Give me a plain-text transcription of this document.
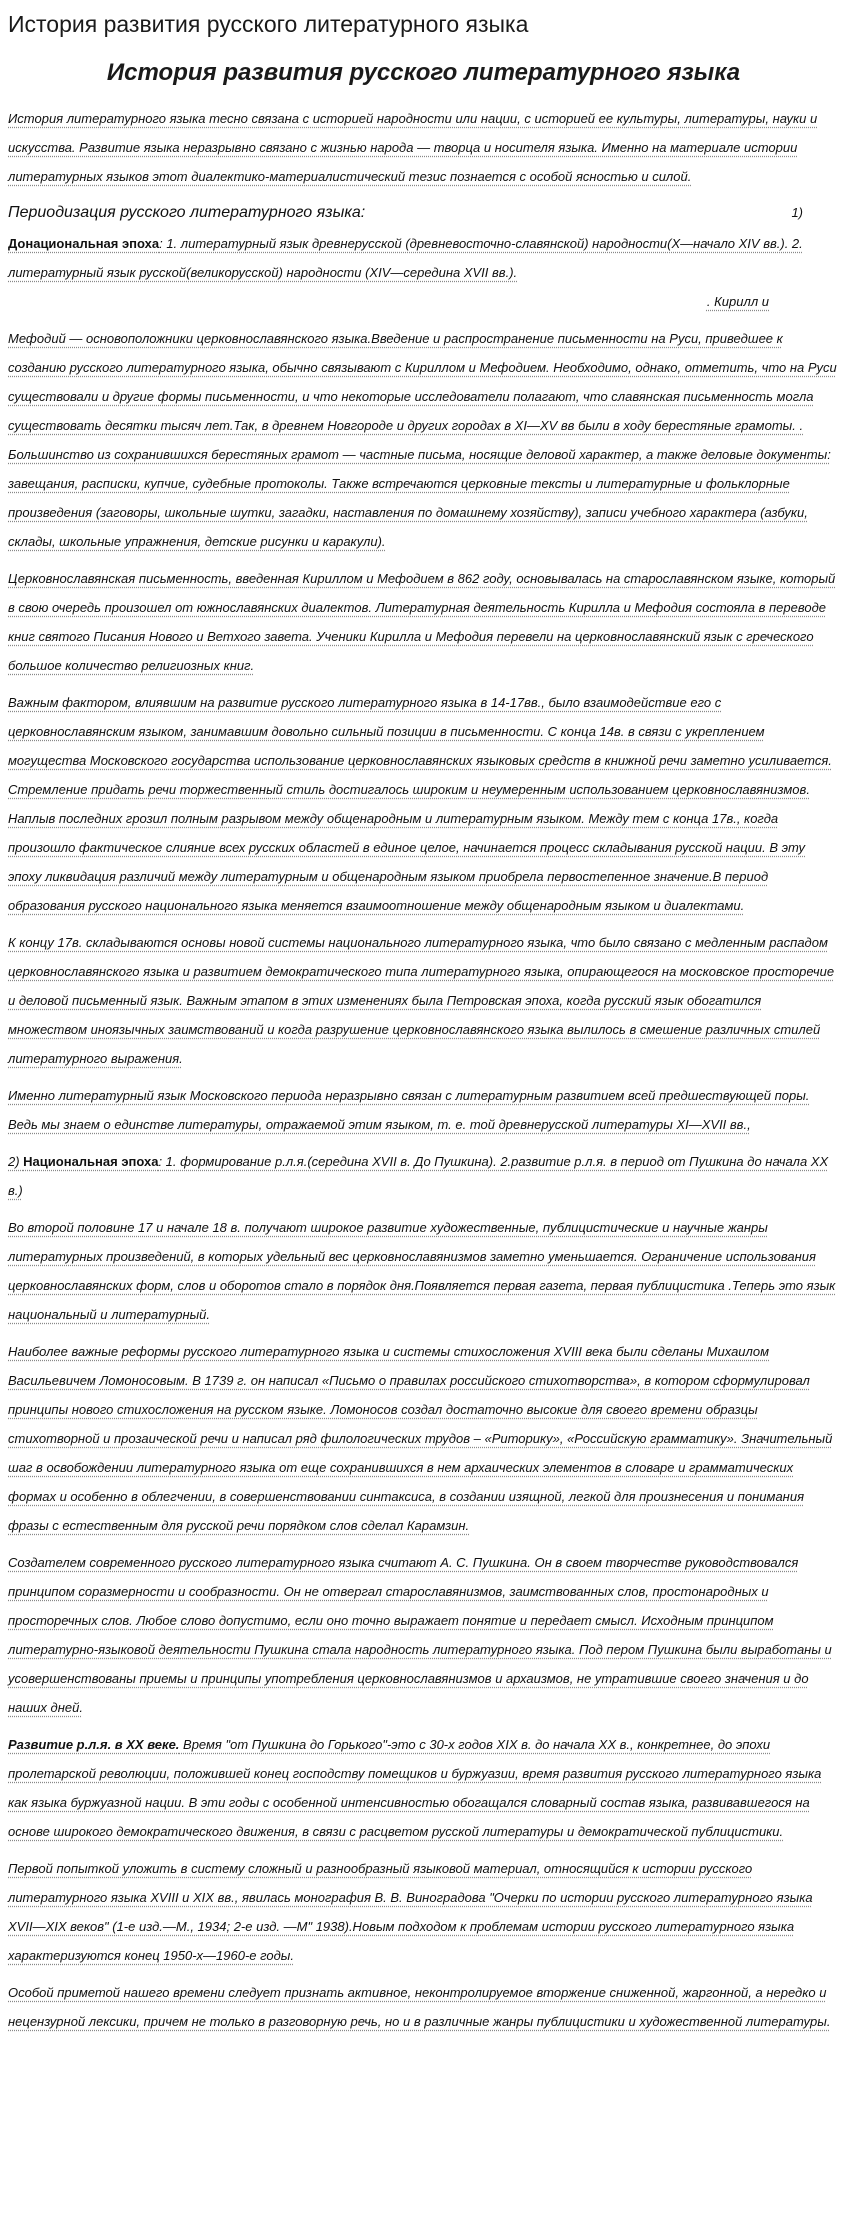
История развития русского литературного языка
История развития русского литературного языка

История литературного языка тесно связана с историей народности или нации, с историей ее культуры, литературы, науки и искусства. Развитие языка неразрывно связано с жизнью народа — творца и носителя языка. Именно на материале истории литературных языков этот диалектико-материалистический тезис познается с особой ясностью и силой.

Периодизация русского литературного языка:	1)

Донациональная эпоха: 1. литературный язык древнерусской (древневосточно-славянской) народности(Х—начало XIV вв.). 2. литературный язык русской(великорусской) народности (XIV—середина XVII вв.).
. Кирилл и

Мефодий — основоположники церковнославянского языка.Введение и распространение письменности на Руси, приведшее к созданию русского литературного языка, обычно связывают с Кириллом и Мефодием. Необходимо, однако, отметить, что на Руси существовали и другие формы письменности, и что некоторые исследователи полагают, что славянская письменность могла существовать десятки тысяч лет.Так, в древнем Новгороде и других городах в XI—XV вв были в ходу берестяные грамоты. . Большинство из сохранившихся берестяных грамот — частные письма, носящие деловой характер, а также деловые документы: завещания, расписки, купчие, судебные протоколы. Также встречаются церковные тексты и литературные и фольклорные произведения (заговоры, школьные шутки, загадки, наставления по домашнему хозяйству), записи учебного характера (азбуки, склады, школьные упражнения, детские рисунки и каракули).

Церковнославянская письменность, введенная Кириллом и Мефодием в 862 году, основывалась на старославянском языке, который в свою очередь произошел от южнославянских диалектов. Литературная деятельность Кирилла и Мефодия состояла в переводе книг святого Писания Нового и Ветхого завета. Ученики Кирилла и Мефодия перевели на церковнославянский язык с греческого большое количество религиозных книг.

Важным фактором, влиявшим на развитие русского литературного языка в 14-17вв., было взаимодействие его с церковнославянским языком, занимавшим довольно сильный позиции в письменности. С конца 14в. в связи с укреплением могущества Московского государства использование церковнославянских языковых средств в книжной речи заметно усиливается. Стремление придать речи торжественный стиль достигалось широким и неумеренным использованием церковнославянизмов. Наплыв последних грозил полным разрывом между общенародным и литературным языком. Между тем с конца 17в., когда произошло фактическое слияние всех русских областей в единое целое, начинается процесс складывания русской нации. В эту эпоху ликвидация различий между литературным и общенародным языком приобрела первостепенное значение.В период образования русского национального языка меняется взаимоотношение между общенародным языком и диалектами.

К концу 17в. складываются основы новой системы национального литературного языка, что было связано с медленным распадом церковнославянского языка и развитием демократического типа литературного языка, опирающегося на московское просторечие и деловой письменный язык. Важным этапом в этих изменениях была Петровская эпоха, когда русский язык обогатился множеством иноязычных заимствований и когда разрушение церковнославянского языка вылилось в смешение различных стилей литературного выражения.

Именно литературный язык Московского периода неразрывно связан с литературным развитием всей предшествующей поры. Ведь мы знаем о единстве литературы, отражаемой этим языком, т. е. той древнерусской литературы XI—XVII вв.,

2) Национальная эпоха: 1. формирование р.л.я.(середина XVII в. До Пушкина). 2.развитие р.л.я. в период от Пушкина до начала XX в.)

Во второй половине 17 и начале 18 в. получают широкое развитие художественные, публицистические и научные жанры литературных произведений, в которых удельный вес церковнославянизмов заметно уменьшается. Ограничение использования церковнославянских форм, слов и оборотов стало в порядок дня.Появляется первая газета, первая публицистика .Теперь это язык национальный и литературный.

Наиболее важные реформы русского литературного языка и системы стихосложения XVIII века были сделаны Михаилом Васильевичем Ломоносовым. В 1739 г. он написал «Письмо о правилах российского стихотворства», в котором сформулировал принципы нового стихосложения на русском языке. Ломоносов создал достаточно высокие для своего времени образцы стихотворной и прозаической речи и написал ряд филологических трудов – «Риторику», «Российскую грамматику». Значительный шаг в освобождении литературного языка от еще сохранившихся в нем архаических элементов в словаре и грамматических формах и особенно в облегчении, в совершенствовании синтаксиса, в создании изящной, легкой для произнесения и понимания фразы с естественным для русской речи порядком слов сделал Карамзин.

Создателем современного русского литературного языка считают А. С. Пушкина. Он в своем творчестве руководствовался принципом соразмерности и сообразности. Он не отвергал старославянизмов, заимствованных слов, простонародных и просторечных слов. Любое слово допустимо, если оно точно выражает понятие и передает смысл. Исходным принципом литературно-языковой деятельности Пушкина стала народность литературного языка. Под пером Пушкина были выработаны и усовершенствованы приемы и принципы употребления церковнославянизмов и архаизмов, не утратившие своего значения и до наших дней.

Развитие р.л.я. в XX веке. Время "от Пушкина до Горького"-это с 30-х годов XIX в. до начала XX в., конкретнее, до эпохи пролетарской революции, положившей конец господству помещиков и буржуазии, время развития русского литературного языка как языка буржуазной нации. В эти годы с особенной интенсивностью обогащался словарный состав языка, развивавшегося на основе широкого демократического движения, в связи с расцветом русской литературы и демократической публицистики.

Первой попыткой уложить в систему сложный и разнообразный языковой материал, относящийся к истории русского литературного языка XVIII и XIX вв., явилась монография В. В. Виноградова "Очерки по истории русского литературного языка XVII—XIX веков" (1-е изд.—М., 1934; 2-е изд. —М" 1938).Новым подходом к проблемам истории русского литературного языка характеризуются конец 1950-х—1960-е годы.

Особой приметой нашего времени следует признать активное, неконтролируемое вторжение сниженной, жаргонной, а нередко и нецензурной лексики, причем не только в разговорную речь, но и в различные жанры публицистики и художественной литературы.
